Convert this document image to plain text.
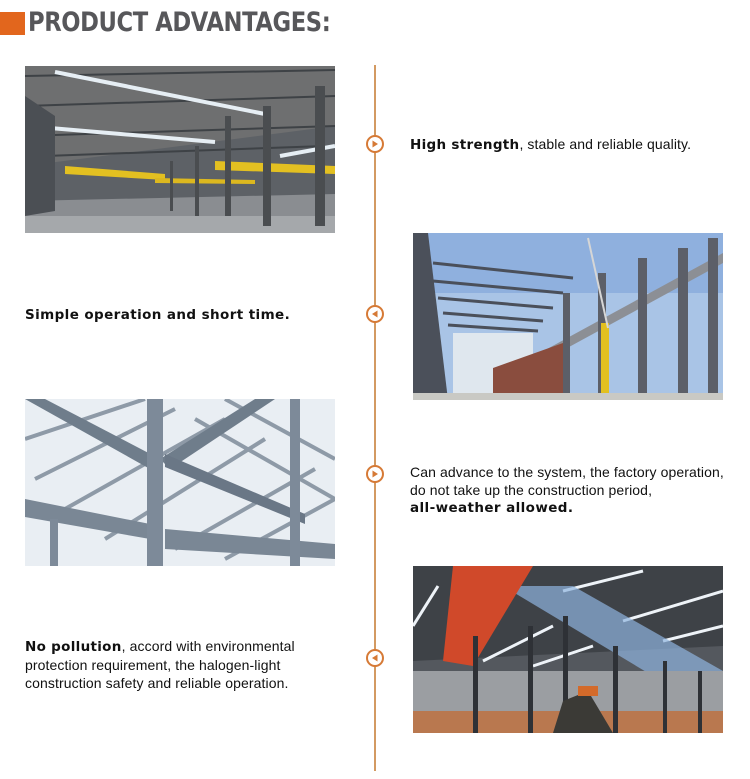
PRODUCT ADVANTAGES:
High strength, stable and reliable quality.
Simple operation and short time.
Can advance to the system, the factory operation,
do not take up the construction period,
all-weather allowed.
No pollution, accord with environmental
protection requirement, the halogen-light
construction safety and reliable operation.
